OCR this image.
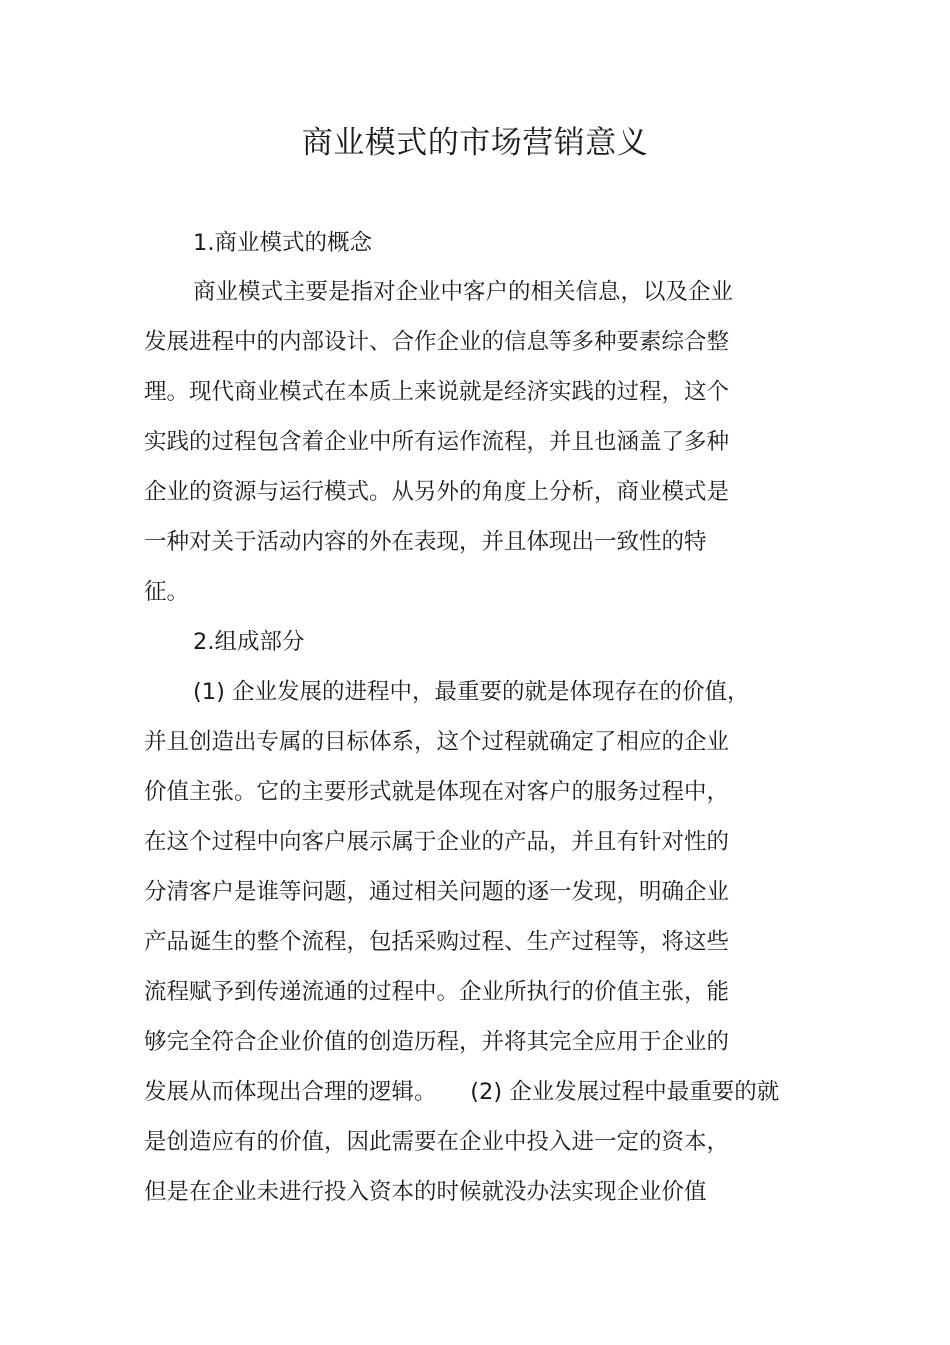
商业模式的市场营销意义
1.商业模式的概念
商业模式主要是指对企业中客户的相关信息，以及企业
发展进程中的内部设计、合作企业的信息等多种要素综合整
理。现代商业模式在本质上来说就是经济实践的过程，这个
实践的过程包含着企业中所有运作流程，并且也涵盖了多种
企业的资源与运行模式。从另外的角度上分析，商业模式是
一种对关于活动内容的外在表现，并且体现出一致性的特
征。
2.组成部分
(1) 企业发展的进程中，最重要的就是体现存在的价值，
并且创造出专属的目标体系，这个过程就确定了相应的企业
价值主张。它的主要形式就是体现在对客户的服务过程中，
在这个过程中向客户展示属于企业的产品，并且有针对性的
分清客户是谁等问题，通过相关问题的逐一发现，明确企业
产品诞生的整个流程，包括采购过程、生产过程等，将这些
流程赋予到传递流通的过程中。企业所执行的价值主张，能
够完全符合企业价值的创造历程，并将其完全应用于企业的
发展从而体现出合理的逻辑。　　(2) 企业发展过程中最重要的就
是创造应有的价值，因此需要在企业中投入进一定的资本，
但是在企业未进行投入资本的时候就没办法实现企业价值
